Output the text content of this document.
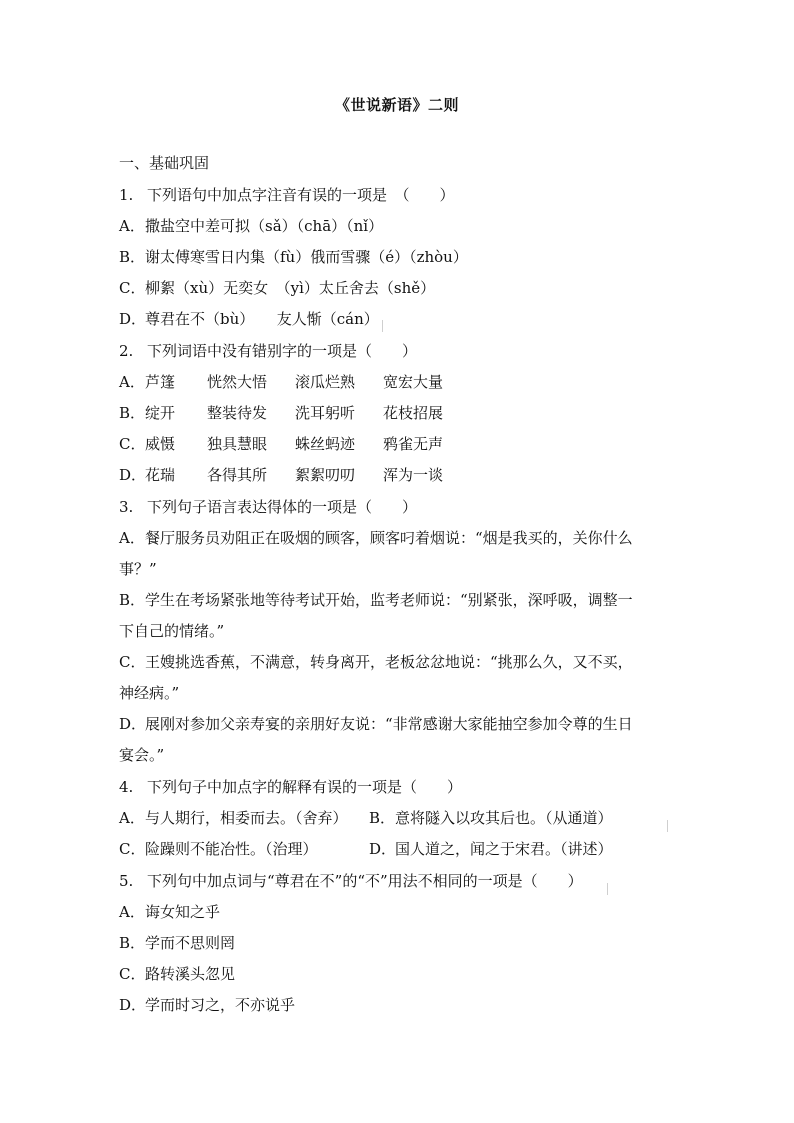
《世说新语》二则
一、基础巩固
1. 下列语句中加点字注音有误的一项是　（　　）
A．撒盐空中差可拟（sǎ）（chā）（nǐ）
B．谢太傅寒雪日内集（fù）俄而雪骤（é）（zhòu）
C．柳絮（xù）无奕女　（yì）太丘舍去（shě）
D．尊君在不（bù）　　友人惭（cán）
2. 下列词语中没有错别字的一项是（　　）
A．芦篷 恍然大悟 滚瓜烂熟 宽宏大量
B．绽开 整装待发 洗耳躬听 花枝招展
C．威慑 独具慧眼 蛛丝蚂迹 鸦雀无声
D．花瑞 各得其所 絮絮叨叨 浑为一谈
3. 下列句子语言表达得体的一项是（　　）
A．餐厅服务员劝阻正在吸烟的顾客，顾客叼着烟说：“烟是我买的，关你什么
事？”
B．学生在考场紧张地等待考试开始，监考老师说：“别紧张，深呼吸，调整一
下自己的情绪。”
C．王嫂挑选香蕉，不满意，转身离开，老板忿忿地说：“挑那么久，又不买，
神经病。”
D．展刚对参加父亲寿宴的亲朋好友说：“非常感谢大家能抽空参加令尊的生日
宴会。”
4. 下列句子中加点字的解释有误的一项是（　　）
A．与人期行，相委而去。（舍弃） B．意将隧入以攻其后也。（从通道）
C．险躁则不能冶性。（治理）	D．国人道之，闻之于宋君。（讲述）
5. 下列句中加点词与“尊君在不”的“不”用法不相同的一项是（　　）
A．诲女知之乎
B．学而不思则罔
C．路转溪头忽见
D．学而时习之，不亦说乎
